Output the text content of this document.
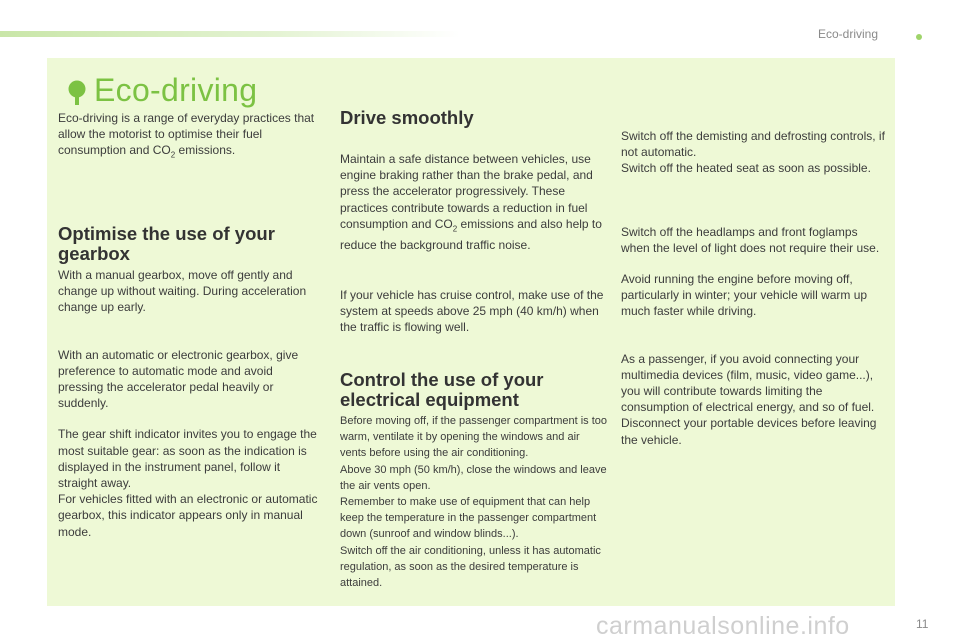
Eco-driving
Eco-driving

Eco-driving is a range of everyday practices that allow the motorist to optimise their fuel consumption and $CO_2$ emissions.

Optimise the use of your gearbox

With a manual gearbox, move off gently and change up without waiting. During acceleration change up early.

With an automatic or electronic gearbox, give preference to automatic mode and avoid pressing the accelerator pedal heavily or suddenly.

The gear shift indicator invites you to engage the most suitable gear: as soon as the indication is displayed in the instrument panel, follow it straight away.

For vehicles fitted with an electronic or automatic gearbox, this indicator appears only in manual mode.

Drive smoothly

Maintain a safe distance between vehicles, use engine braking rather than the brake pedal, and press the accelerator progressively. These practices contribute towards a reduction in fuel consumption and $CO_2$ emissions and also help to reduce the background traffic noise.

If your vehicle has cruise control, make use of the system at speeds above 25 mph (40 km/h) when the traffic is flowing well.

Control the use of your electrical equipment

Before moving off, if the passenger compartment is too warm, ventilate it by opening the windows and air vents before using the air conditioning.

Above 30 mph (50 km/h), close the windows and leave the air vents open.

Remember to make use of equipment that can help keep the temperature in the passenger compartment down (sunroof and window blinds...).

Switch off the air conditioning, unless it has automatic regulation, as soon as the desired temperature is attained.

Switch off the demisting and defrosting controls, if not automatic.

Switch off the heated seat as soon as possible.

Switch off the headlamps and front foglamps when the level of light does not require their use.

Avoid running the engine before moving off, particularly in winter; your vehicle will warm up much faster while driving.

As a passenger, if you avoid connecting your multimedia devices (film, music, video game...), you will contribute towards limiting the consumption of electrical energy, and so of fuel.

Disconnect your portable devices before leaving the vehicle.

11
carmanualsonline.info
